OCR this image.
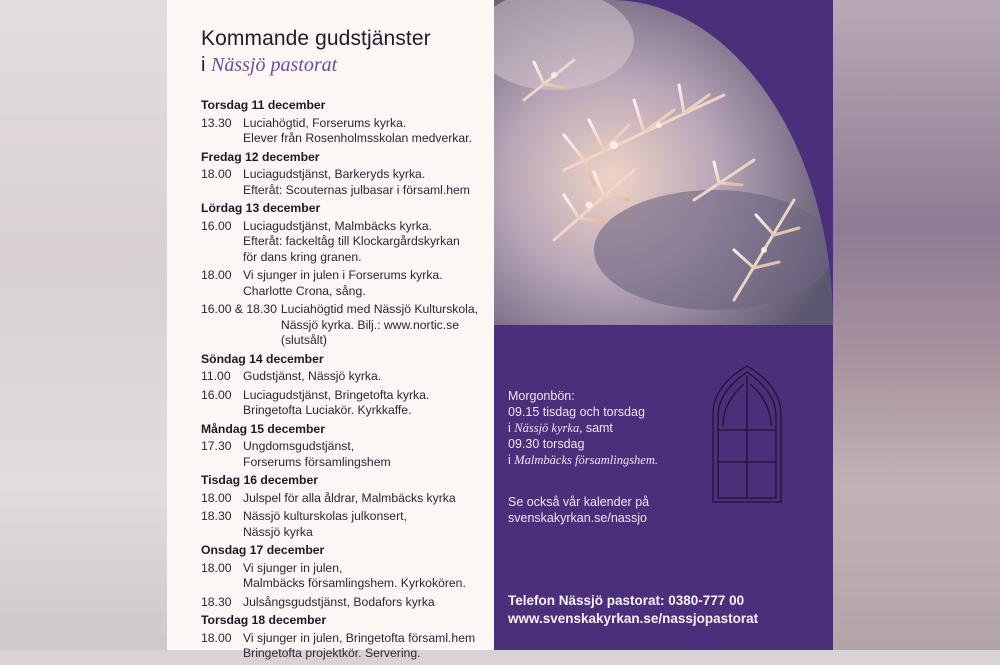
Kommande gudstjänster
i Nässjö pastorat
Torsdag 11 december
13.30 Luciahögtid, Forserums kyrka.
Elever från Rosenholmsskolan medverkar.
Fredag 12 december
18.00 Luciagudstjänst, Barkeryds kyrka.
Efteråt: Scouternas julbasar i församl.hem
Lördag 13 december
16.00 Luciagudstjänst, Malmbäcks kyrka.
Efteråt: fackeltåg till Klockargårdskyrkan
för dans kring granen.
18.00 Vi sjunger in julen i Forserums kyrka.
Charlotte Crona, sång.
16.00 & 18.30 Luciahögtid med Nässjö Kulturskola,
Nässjö kyrka. Bilj.: www.nortic.se (slutsålt)
Söndag 14 december
11.00	Gudstjänst, Nässjö kyrka.
16.00 Luciagudstjänst, Bringetofta kyrka.
Bringetofta Luciakör. Kyrkkaffe.
Måndag 15 december
17.30 Ungdomsgudstjänst,
Forserums församlingshem
Tisdag 16 december
18.00 Julspel för alla åldrar, Malmbäcks kyrka
18.30 Nässjö kulturskolas julkonsert,
Nässjö kyrka
Onsdag 17 december
18.00 Vi sjunger in julen,
Malmbäcks församlingshem. Kyrkokören.
18.30 Julsångsgudstjänst, Bodafors kyrka
Torsdag 18 december
18.00 Vi sjunger in julen, Bringetofta församl.hem
Bringetofta projektkör. Servering.
Morgonbön:
09.15 tisdag och torsdag
i Nässjö kyrka, samt
09.30 torsdag
i Malmbäcks församlingshem.
Se också vår kalender på
svenskakyrkan.se/nassjo
Telefon Nässjö pastorat: 0380-777 00
www.svenskakyrkan.se/nassjopastorat
